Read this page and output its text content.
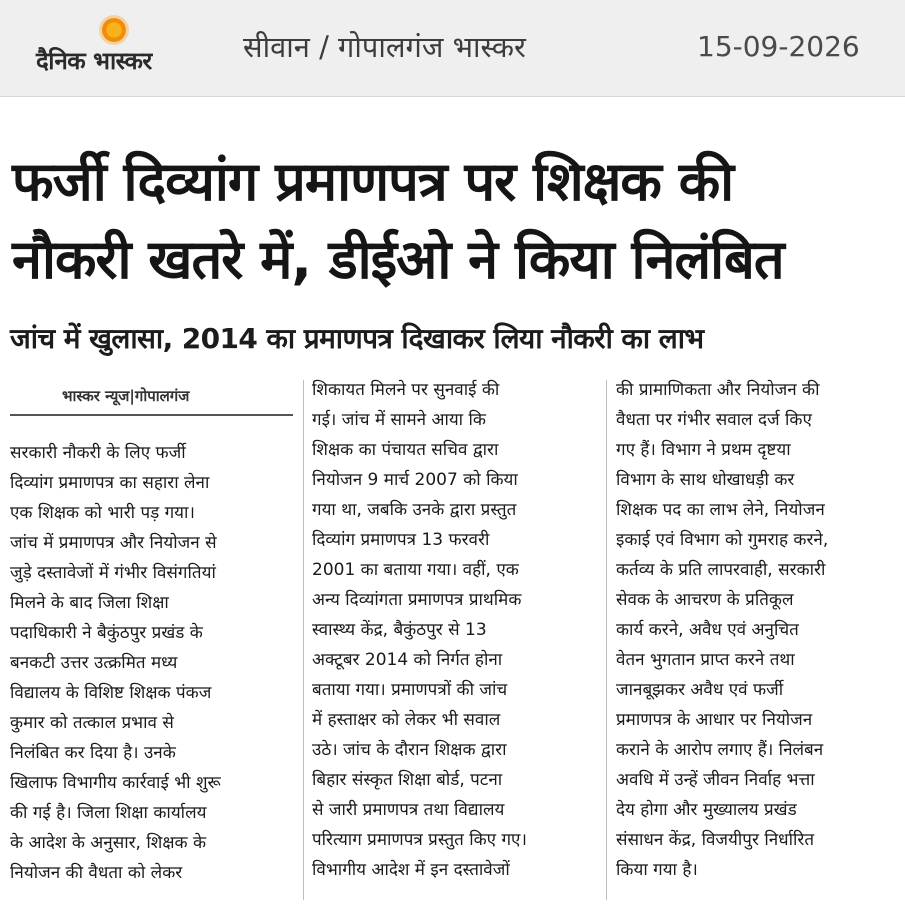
दैनिक भास्कर	सीवान / गोपालगंज भास्कर	15-09-2026
फर्जी दिव्यांग प्रमाणपत्र पर शिक्षक की
नौकरी खतरे में, डीईओ ने किया निलंबित
जांच में खुलासा, 2014 का प्रमाणपत्र दिखाकर लिया नौकरी का लाभ
भास्कर न्यूज|गोपालगंज
सरकारी नौकरी के लिए फर्जी
दिव्यांग प्रमाणपत्र का सहारा लेना
एक शिक्षक को भारी पड़ गया।
जांच में प्रमाणपत्र और नियोजन से
जुड़े दस्तावेजों में गंभीर विसंगतियां
मिलने के बाद जिला शिक्षा
पदाधिकारी ने बैकुंठपुर प्रखंड के
बनकटी उत्तर उत्क्रमित मध्य
विद्यालय के विशिष्ट शिक्षक पंकज
कुमार को तत्काल प्रभाव से
निलंबित कर दिया है। उनके
खिलाफ विभागीय कार्रवाई भी शुरू
की गई है। जिला शिक्षा कार्यालय
के आदेश के अनुसार, शिक्षक के
नियोजन की वैधता को लेकर
शिकायत मिलने पर सुनवाई की
गई। जांच में सामने आया कि
शिक्षक का पंचायत सचिव द्वारा
नियोजन 9 मार्च 2007 को किया
गया था, जबकि उनके द्वारा प्रस्तुत
दिव्यांग प्रमाणपत्र 13 फरवरी
2001 का बताया गया। वहीं, एक
अन्य दिव्यांगता प्रमाणपत्र प्राथमिक
स्वास्थ्य केंद्र, बैकुंठपुर से 13
अक्टूबर 2014 को निर्गत होना
बताया गया। प्रमाणपत्रों की जांच
में हस्ताक्षर को लेकर भी सवाल
उठे। जांच के दौरान शिक्षक द्वारा
बिहार संस्कृत शिक्षा बोर्ड, पटना
से जारी प्रमाणपत्र तथा विद्यालय
परित्याग प्रमाणपत्र प्रस्तुत किए गए।
विभागीय आदेश में इन दस्तावेजों
की प्रामाणिकता और नियोजन की
वैधता पर गंभीर सवाल दर्ज किए
गए हैं। विभाग ने प्रथम दृष्टया
विभाग के साथ धोखाधड़ी कर
शिक्षक पद का लाभ लेने, नियोजन
इकाई एवं विभाग को गुमराह करने,
कर्तव्य के प्रति लापरवाही, सरकारी
सेवक के आचरण के प्रतिकूल
कार्य करने, अवैध एवं अनुचित
वेतन भुगतान प्राप्त करने तथा
जानबूझकर अवैध एवं फर्जी
प्रमाणपत्र के आधार पर नियोजन
कराने के आरोप लगाए हैं। निलंबन
अवधि में उन्हें जीवन निर्वाह भत्ता
देय होगा और मुख्यालय प्रखंड
संसाधन केंद्र, विजयीपुर निर्धारित
किया गया है।
